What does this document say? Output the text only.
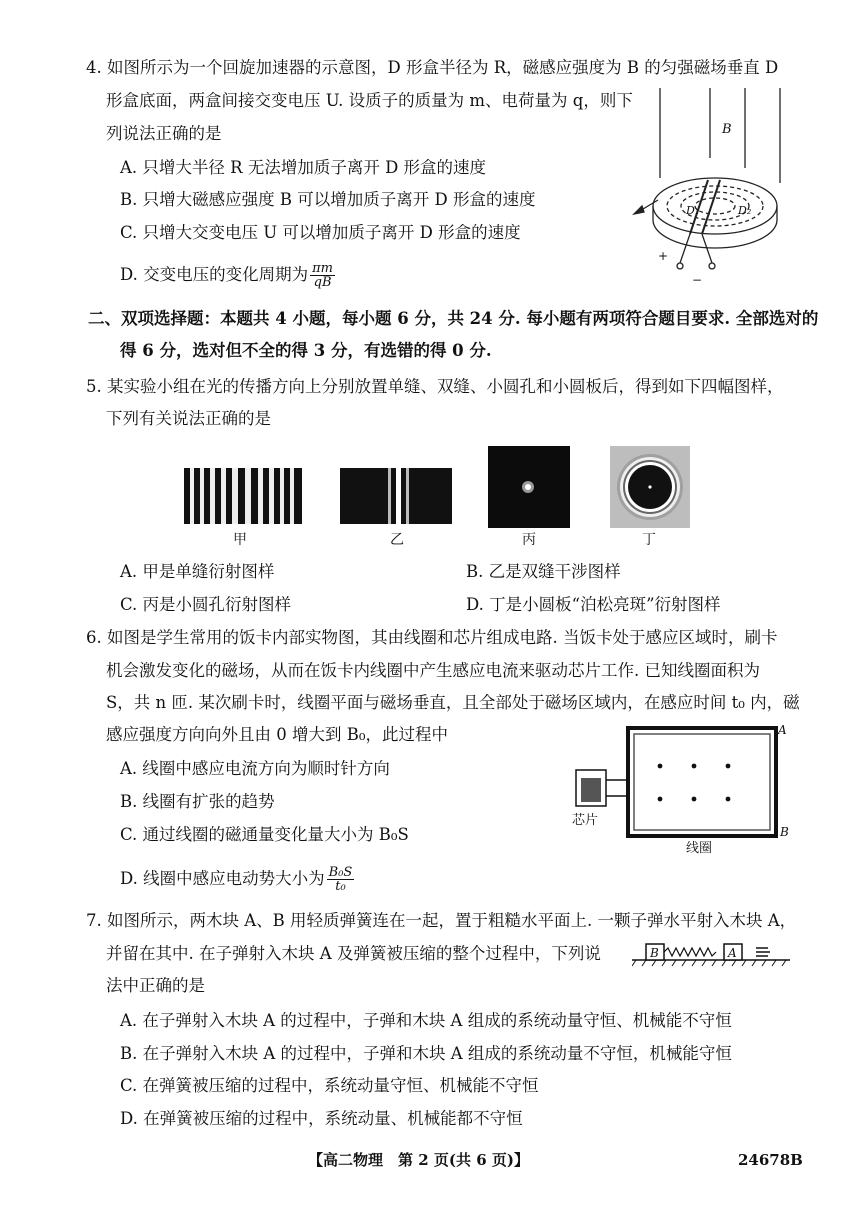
4. 如图所示为一个回旋加速器的示意图，D 形盒半径为 R，磁感应强度为 B 的匀强磁场垂直 D
形盒底面，两盒间接交变电压 U. 设质子的质量为 m、电荷量为 q，则下
列说法正确的是
A. 只增大半径 R 无法增加质子离开 D 形盒的速度
B. 只增大磁感应强度 B 可以增加质子离开 D 形盒的速度
C. 只增大交变电压 U 可以增加质子离开 D 形盒的速度
D. 交变电压的变化周期为 $\frac{\pi m}{qB}$
B
D₁	D₂
+
−
二、双项选择题：本题共 4 小题，每小题 6 分，共 24 分. 每小题有两项符合题目要求. 全部选对的
得 6 分，选对但不全的得 3 分，有选错的得 0 分.
5. 某实验小组在光的传播方向上分别放置单缝、双缝、小圆孔和小圆板后，得到如下四幅图样，
下列有关说法正确的是
甲	乙	丙	丁
A. 甲是单缝衍射图样	B. 乙是双缝干涉图样
C. 丙是小圆孔衍射图样	D. 丁是小圆板“泊松亮斑”衍射图样
6. 如图是学生常用的饭卡内部实物图，其由线圈和芯片组成电路. 当饭卡处于感应区域时，刷卡
机会激发变化的磁场，从而在饭卡内线圈中产生感应电流来驱动芯片工作. 已知线圈面积为
S，共 n 匝. 某次刷卡时，线圈平面与磁场垂直，且全部处于磁场区域内，在感应时间 t₀ 内，磁
感应强度方向向外且由 0 增大到 B₀，此过程中
A. 线圈中感应电流方向为顺时针方向
B. 线圈有扩张的趋势
C. 通过线圈的磁通量变化量大小为 B₀S
D. 线圈中感应电动势大小为 $\frac{\text{B₀S}}{\text{t₀}}$
芯片
线圈
A
B
7. 如图所示，两木块 A、B 用轻质弹簧连在一起，置于粗糙水平面上. 一颗子弹水平射入木块 A，
并留在其中. 在子弹射入木块 A 及弹簧被压缩的整个过程中，下列说
法中正确的是
B	A
A. 在子弹射入木块 A 的过程中，子弹和木块 A 组成的系统动量守恒、机械能不守恒
B. 在子弹射入木块 A 的过程中，子弹和木块 A 组成的系统动量不守恒，机械能守恒
C. 在弹簧被压缩的过程中，系统动量守恒、机械能不守恒
D. 在弹簧被压缩的过程中，系统动量、机械能都不守恒
【高二物理　第 2 页(共 6 页)】	24678B
